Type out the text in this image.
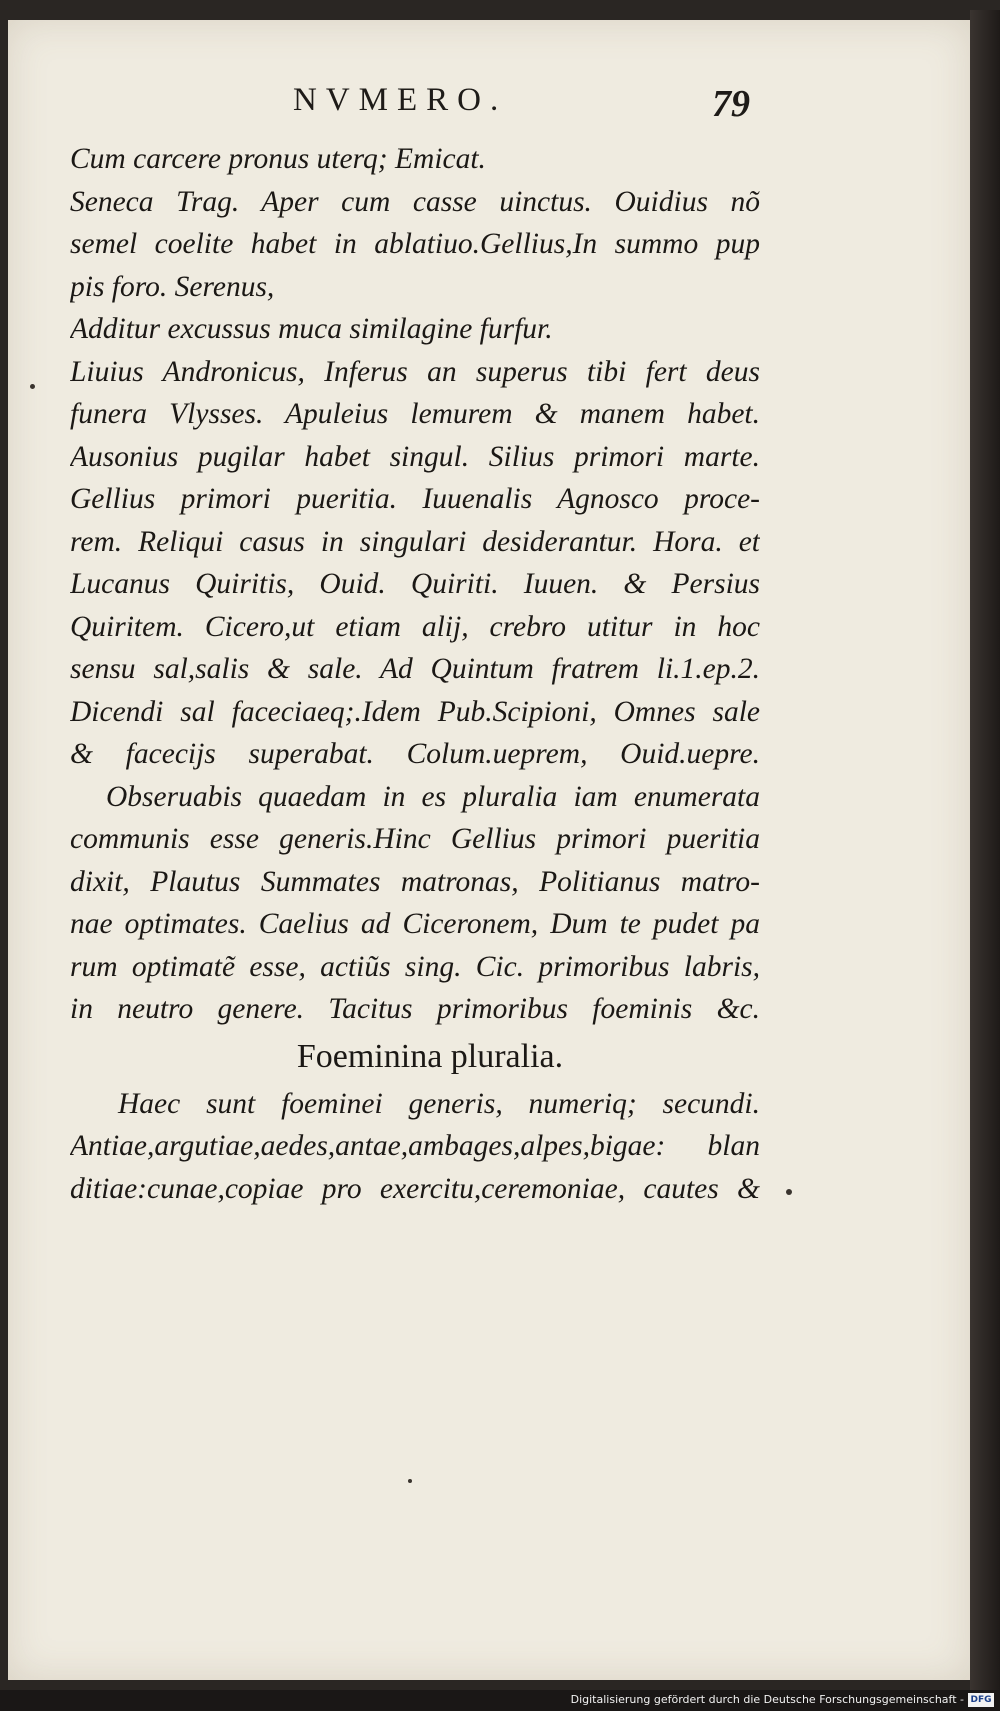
NVMERO.	79
Cum carcere pronus uterq; Emicat.
Seneca Trag. Aper cum casse uinctus. Ouidius nõ
semel coelite habet in ablatiuo.Gellius,In summo pup
pis foro. Serenus,
Additur excussus muca similagine furfur.
Liuius Andronicus, Inferus an superus tibi fert deus
funera Vlysses. Apuleius lemurem & manem habet.
Ausonius pugilar habet singul. Silius primori marte.
Gellius primori pueritia. Iuuenalis Agnosco proce-
rem. Reliqui casus in singulari desiderantur. Hora. et
Lucanus Quiritis, Ouid. Quiriti. Iuuen. & Persius
Quiritem. Cicero,ut etiam alij, crebro utitur in hoc
sensu sal,salis & sale. Ad Quintum fratrem li.1.ep.2.
Dicendi sal faceciaeq;.Idem Pub.Scipioni, Omnes sale
& facecijs superabat. Colum.ueprem, Ouid.uepre.
Obseruabis quaedam in es pluralia iam enumerata
communis esse generis.Hinc Gellius primori pueritia
dixit, Plautus Summates matronas, Politianus matro-
nae optimates. Caelius ad Ciceronem, Dum te pudet pa
rum optimatẽ esse, actiũs sing. Cic. primoribus labris,
in neutro genere. Tacitus primoribus foeminis &c.
Foeminina pluralia.
Haec sunt foeminei generis, numeriq; secundi.
Antiae,argutiae,aedes,antae,ambages,alpes,bigae: blan
ditiae:cunae,copiae pro exercitu,ceremoniae, cautes &
Digitalisierung gefördert durch die Deutsche Forschungsgemeinschaft - DFG
